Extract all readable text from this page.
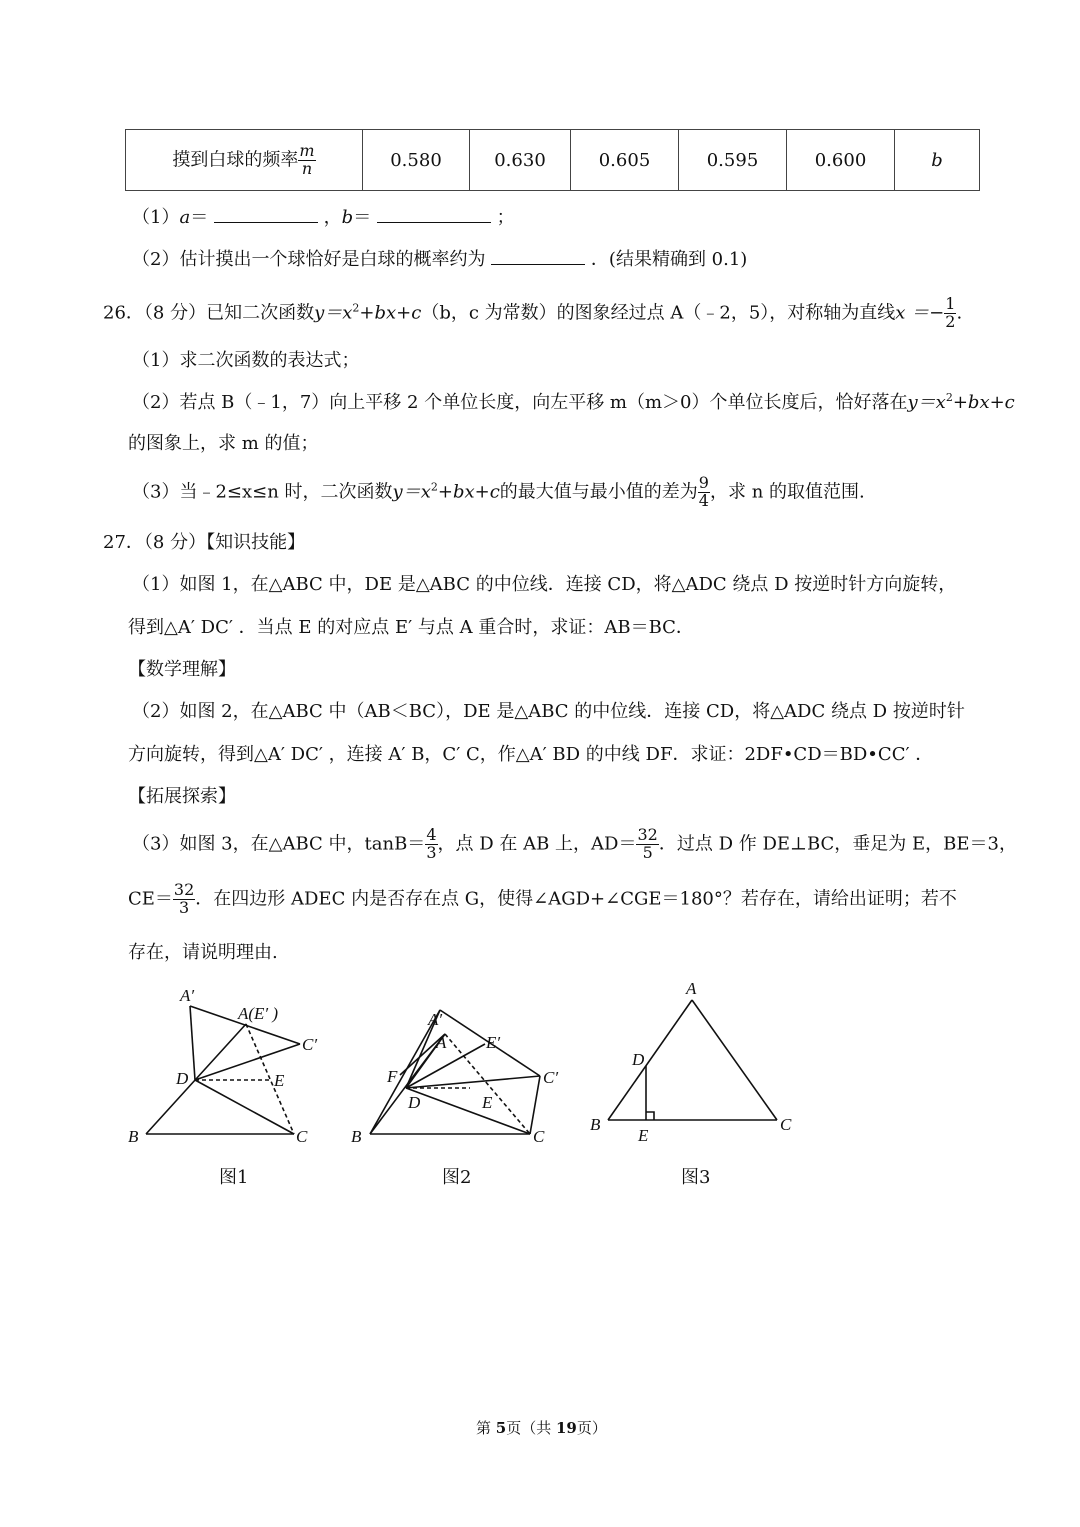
摸到白球的频率 $\frac{m}{n}$	0.580	0.630	0.605	0.595	0.600	b
（1）a＝	，b＝	；
（2）估计摸出一个球恰好是白球的概率约为	．(结果精确到 0.1)
26．（8 分）已知二次函数$y=x^2+bx+c(b$，c 为常数）的图象经过点 A（﹣2，5），对称轴为直线$x =- \frac{1}{2}$ .
（1）求二次函数的表达式；
（2）若点 B（﹣1，7）向上平移 2 个单位长度，向左平移 m（m＞0）个单位长度后，恰好落在$y=x^2+bx+c$
的图象上，求 m 的值；
（3）当﹣2≤x≤n 时，二次函数$y=x^2+bx+c$的最大值与最小值的差为 $\frac{9}{4}$ ，求 n 的取值范围.
27．（8 分）【知识技能】
（1）如图 1，在△ABC 中，DE 是△ABC 的中位线．连接 CD，将△ADC 绕点 D 按逆时针方向旋转，
得到△A′ DC′ ．当点 E 的对应点 E′ 与点 A 重合时，求证：AB＝BC．
【数学理解】
（2）如图 2，在△ABC 中（AB＜BC），DE 是△ABC 的中位线．连接 CD，将△ADC 绕点 D 按逆时针
方向旋转，得到△A′ DC′ ，连接 A′ B，C′ C，作△A′ BD 的中线 DF．求证：2DF•CD＝BD•CC′ ．
【拓展探索】
（3）如图 3，在△ABC 中，$\tan B= \frac{4}{3}$ ，点 D 在 AB 上，$AD= \frac{32}{5}$ ．过点 D 作 DE⊥BC，垂足为 E，BE＝3，
$CE= \frac{32}{3}$ ．在四边形 ADEC 内是否存在点 G，使得∠AGD+∠CGE＝180°？若存在，请给出证明；若不
存在，请说明理由.
A′
A(E′ )
C′
D	E
B	C
A′
A E′
F	C′
D	E
B	C
A
D
B
E
C
图1	图2	图3
第 5页（共 19页）
